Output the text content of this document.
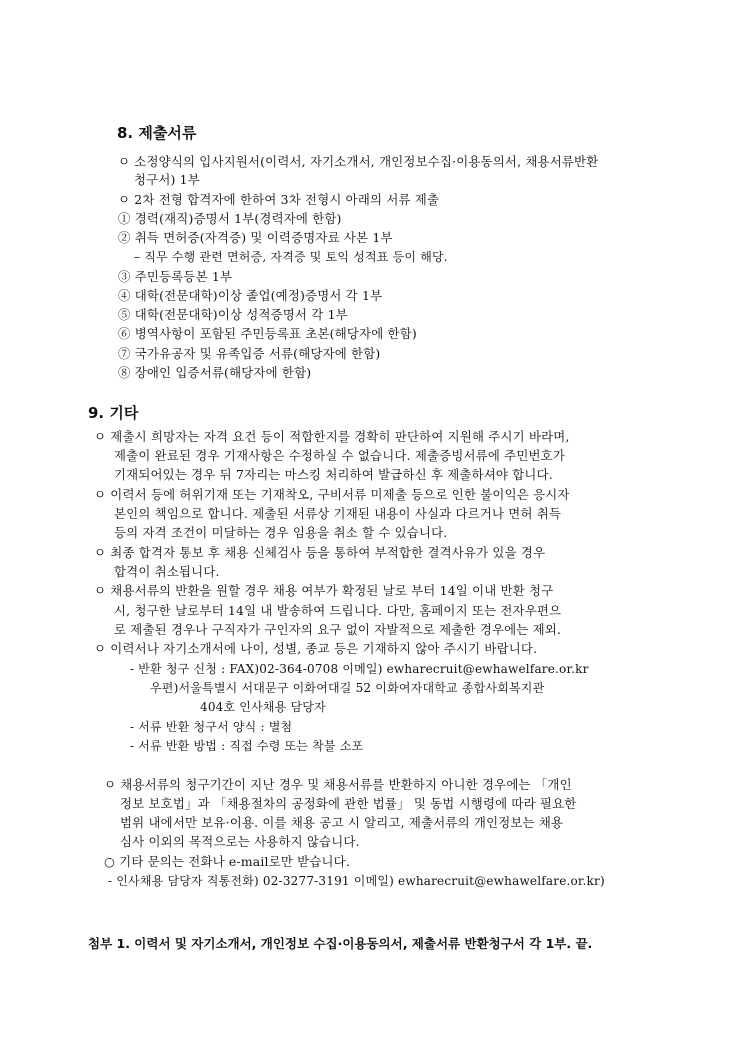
8. 제출서류
ㅇ 소정양식의 입사지원서(이력서, 자기소개서, 개인정보수집·이용동의서, 채용서류반환
청구서) 1부
ㅇ 2차 전형 합격자에 한하여 3차 전형시 아래의 서류 제출
① 경력(재직)증명서 1부(경력자에 한함)
② 취득 면허증(자격증) 및 이력증명자료 사본 1부
– 직무 수행 관련 면허증, 자격증 및 토익 성적표 등이 해당.
③ 주민등록등본 1부
④ 대학(전문대학)이상 졸업(예정)증명서 각 1부
⑤ 대학(전문대학)이상 성적증명서 각 1부
⑥ 병역사항이 포함된 주민등록표 초본(해당자에 한함)
⑦ 국가유공자 및 유족입증 서류(해당자에 한함)
⑧ 장애인 입증서류(해당자에 한함)
9. 기타
ㅇ 제출시 희망자는 자격 요건 등이 적합한지를 경확히 판단하여 지원해 주시기 바라며,
제출이 완료된 경우 기재사항은 수정하실 수 없습니다. 제출증빙서류에 주민번호가
기재되어있는 경우 뒤 7자리는 마스킹 처리하여 발급하신 후 제출하셔야 합니다.
ㅇ 이력서 등에 허위기재 또는 기재착오, 구비서류 미제출 등으로 인한 불이익은 응시자
본인의 책임으로 합니다. 제출된 서류상 기재된 내용이 사실과 다르거나 면허 취득
등의 자격 조건이 미달하는 경우 임용을 취소 할 수 있습니다.
ㅇ 최종 합격자 통보 후 채용 신체검사 등을 통하여 부적합한 결격사유가 있을 경우
합격이 취소됩니다.
ㅇ 채용서류의 반환을 원할 경우 채용 여부가 확정된 날로 부터 14일 이내 반환 청구
시, 청구한 날로부터 14일 내 발송하여 드립니다. 다만, 홈페이지 또는 전자우편으
로 제출된 경우나 구직자가 구인자의 요구 없이 자발적으로 제출한 경우에는 제외.
ㅇ 이력서나 자기소개서에 나이, 성별, 종교 등은 기재하지 않아 주시기 바랍니다.
- 반환 청구 신청 : FAX)02-364-0708 이메일) ewharecruit@ewhawelfare.or.kr
우편)서울특별시 서대문구 이화여대길 52 이화여자대학교 종합사회복지관
404호 인사채용 담당자
- 서류 반환 청구서 양식 : 별첨
- 서류 반환 방법 : 직접 수령 또는 착불 소포
ㅇ 채용서류의 청구기간이 지난 경우 및 채용서류를 반환하지 아니한 경우에는 「개인
정보 보호법」과 「채용절차의 공정화에 관한 법률」 및 동법 시행령에 따라 필요한
범위 내에서만 보유·이용. 이를 채용 공고 시 알리고, 제출서류의 개인정보는 채용
심사 이외의 목적으로는 사용하지 않습니다.
○ 기타 문의는 전화나 e-mail로만 받습니다.
- 인사채용 담당자 직통전화) 02-3277-3191 이메일) ewharecruit@ewhawelfare.or.kr)
첨부 1. 이력서 및 자기소개서, 개인정보 수집·이용동의서, 제출서류 반환청구서 각 1부. 끝.
